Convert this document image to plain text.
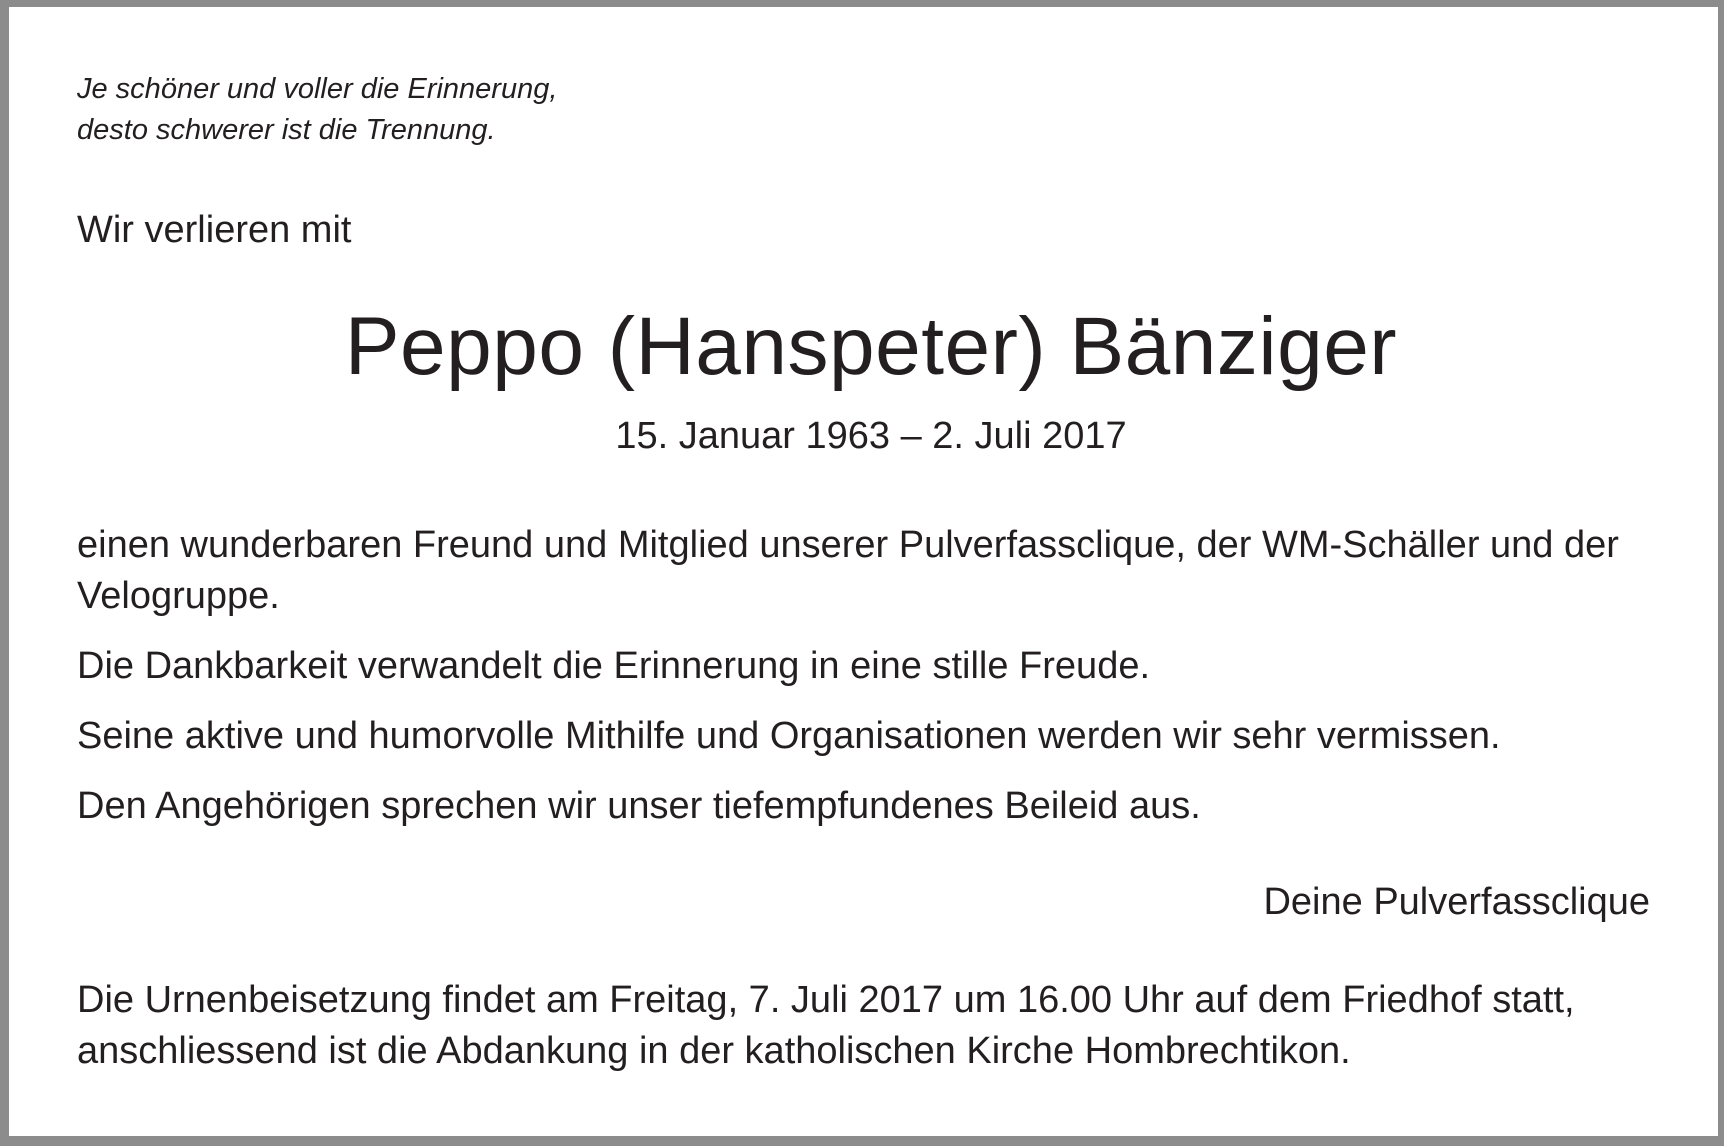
Je schöner und voller die Erinnerung,
desto schwerer ist die Trennung.
Wir verlieren mit
Peppo (Hanspeter) Bänziger
15. Januar 1963 – 2. Juli 2017
einen wunderbaren Freund und Mitglied unserer Pulverfassclique, der WM-Schäller und der Velogruppe.
Die Dankbarkeit verwandelt die Erinnerung in eine stille Freude.
Seine aktive und humorvolle Mithilfe und Organisationen werden wir sehr vermissen.
Den Angehörigen sprechen wir unser tiefempfundenes Beileid aus.
Deine Pulverfassclique
Die Urnenbeisetzung findet am Freitag, 7. Juli 2017 um 16.00 Uhr auf dem Friedhof statt, anschliessend ist die Abdankung in der katholischen Kirche Hombrechtikon.
